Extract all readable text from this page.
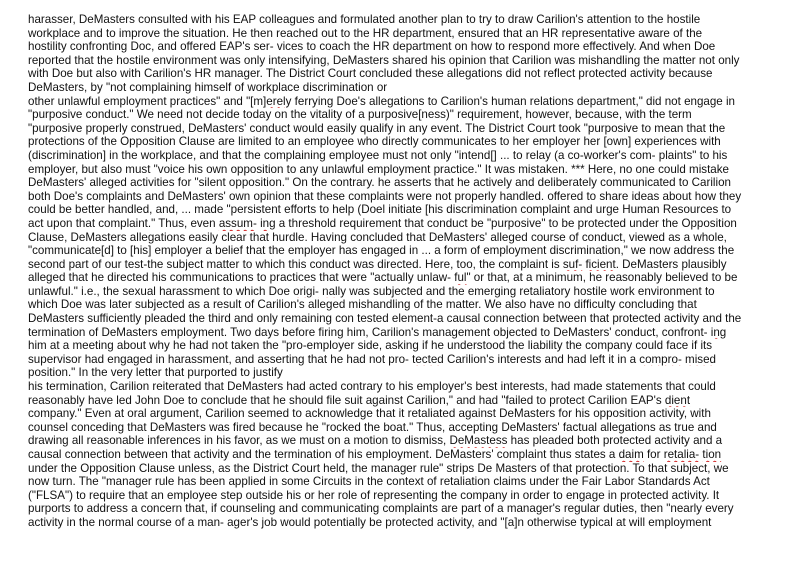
harasser, DeMasters consulted with his EAP colleagues and formulated another plan to try to draw Carilion's attention to the hostile
workplace and to improve the situation. He then reached out to the HR department, ensured that an HR representative aware of the
hostility confronting Doc, and offered EAP's ser- vices to coach the HR department on how to respond more effectively. And when Doe
reported that the hostile environment was only intensifying, DeMasters shared his opinion that Carilion was mishandling the matter not only
with Doe but also with Carilion's HR manager. The District Court concluded these allegations did not reflect protected activity because
DeMasters, by "not complaining himself of workplace discrimination or
other unlawful employment practices" and "[m]erely ferrying Doe's allegations to Carilion's human relations department," did not engage in
"purposive conduct." We need not decide today on the vitality of a purposive[ness)" requirement, however, because, with the term
"purposive properly construed, DeMasters' conduct would easily qualify in any event. The District Court took "purposive to mean that the
protections of the Opposition Clause are limited to an employee who directly communicates to her employer her [own] experiences with
(discrimination] in the workplace, and that the complaining employee must not only "intend[] ... to relay (a co-worker's com- plaints" to his
employer, but also must "voice his own opposition to any unlawful employment practice." It was mistaken. *** Here, no one could mistake
DeMasters' alleged activities for "silent opposition." On the contrary. he asserts that he actively and deliberately communicated to Carilion
both Doe's complaints and DeMasters' own opinion that these complaints were not properly handled. offered to share ideas about how they
could be better handled, and, ... made "persistent efforts to help (Doel initiate [his discrimination complaint and urge Human Resources to
act upon that complaint." Thus, even assum- ing a threshold requirement that conduct be "purposive" to be protected under the Opposition
Clause, DeMasters allegations easily clear that hurdle. Having concluded that DeMasters' alleged course of conduct, viewed as a whole,
"communicate[d] to [his] employer a belief that the employer has engaged in ... a form of employment discrimination," we now address the
second part of our test-the subject matter to which this conduct was directed. Here, too, the complaint is suf- ficient. DeMasters plausibly
alleged that he directed his communications to practices that were "actually unlaw- ful" or that, at a minimum, he reasonably believed to be
unlawful." i.e., the sexual harassment to which Doe origi- nally was subjected and the emerging retaliatory hostile work environment to
which Doe was later subjected as a result of Carilion's alleged mishandling of the matter. We also have no difficulty concluding that
DeMasters sufficiently pleaded the third and only remaining con tested element-a causal connection between that protected activity and the
termination of DeMasters employment. Two days before firing him, Carilion's management objected to DeMasters' conduct, confront- ing
him at a meeting about why he had not taken the "pro-employer side, asking if he understood the liability the company could face if its
supervisor had engaged in harassment, and asserting that he had not pro- tected Carilion's interests and had left it in a compro- mised
position." In the very letter that purported to justify
his termination, Carilion reiterated that DeMasters had acted contrary to his employer's best interests, had made statements that could
reasonably have led John Doe to conclude that he should file suit against Carilion," and had "failed to protect Carilion EAP's dient
company." Even at oral argument, Carilion seemed to acknowledge that it retaliated against DeMasters for his opposition activity, with
counsel conceding that DeMasters was fired because he "rocked the boat." Thus, accepting DeMasters' factual allegations as true and
drawing all reasonable inferences in his favor, as we must on a motion to dismiss, DeMastess has pleaded both protected activity and a
causal connection between that activity and the termination of his employment. DeMasters' complaint thus states a daim for retalia- tion
under the Opposition Clause unless, as the District Court held, the manager rule" strips De Masters of that protection. To that subject, we
now turn. The "manager rule has been applied in some Circuits in the context of retaliation claims under the Fair Labor Standards Act
("FLSA") to require that an employee step outside his or her role of representing the company in order to engage in protected activity. It
purports to address a concern that, if counseling and communicating complaints are part of a manager's regular duties, then "nearly every
activity in the normal course of a man- ager's job would potentially be protected activity, and "[a]n otherwise typical at will employment
